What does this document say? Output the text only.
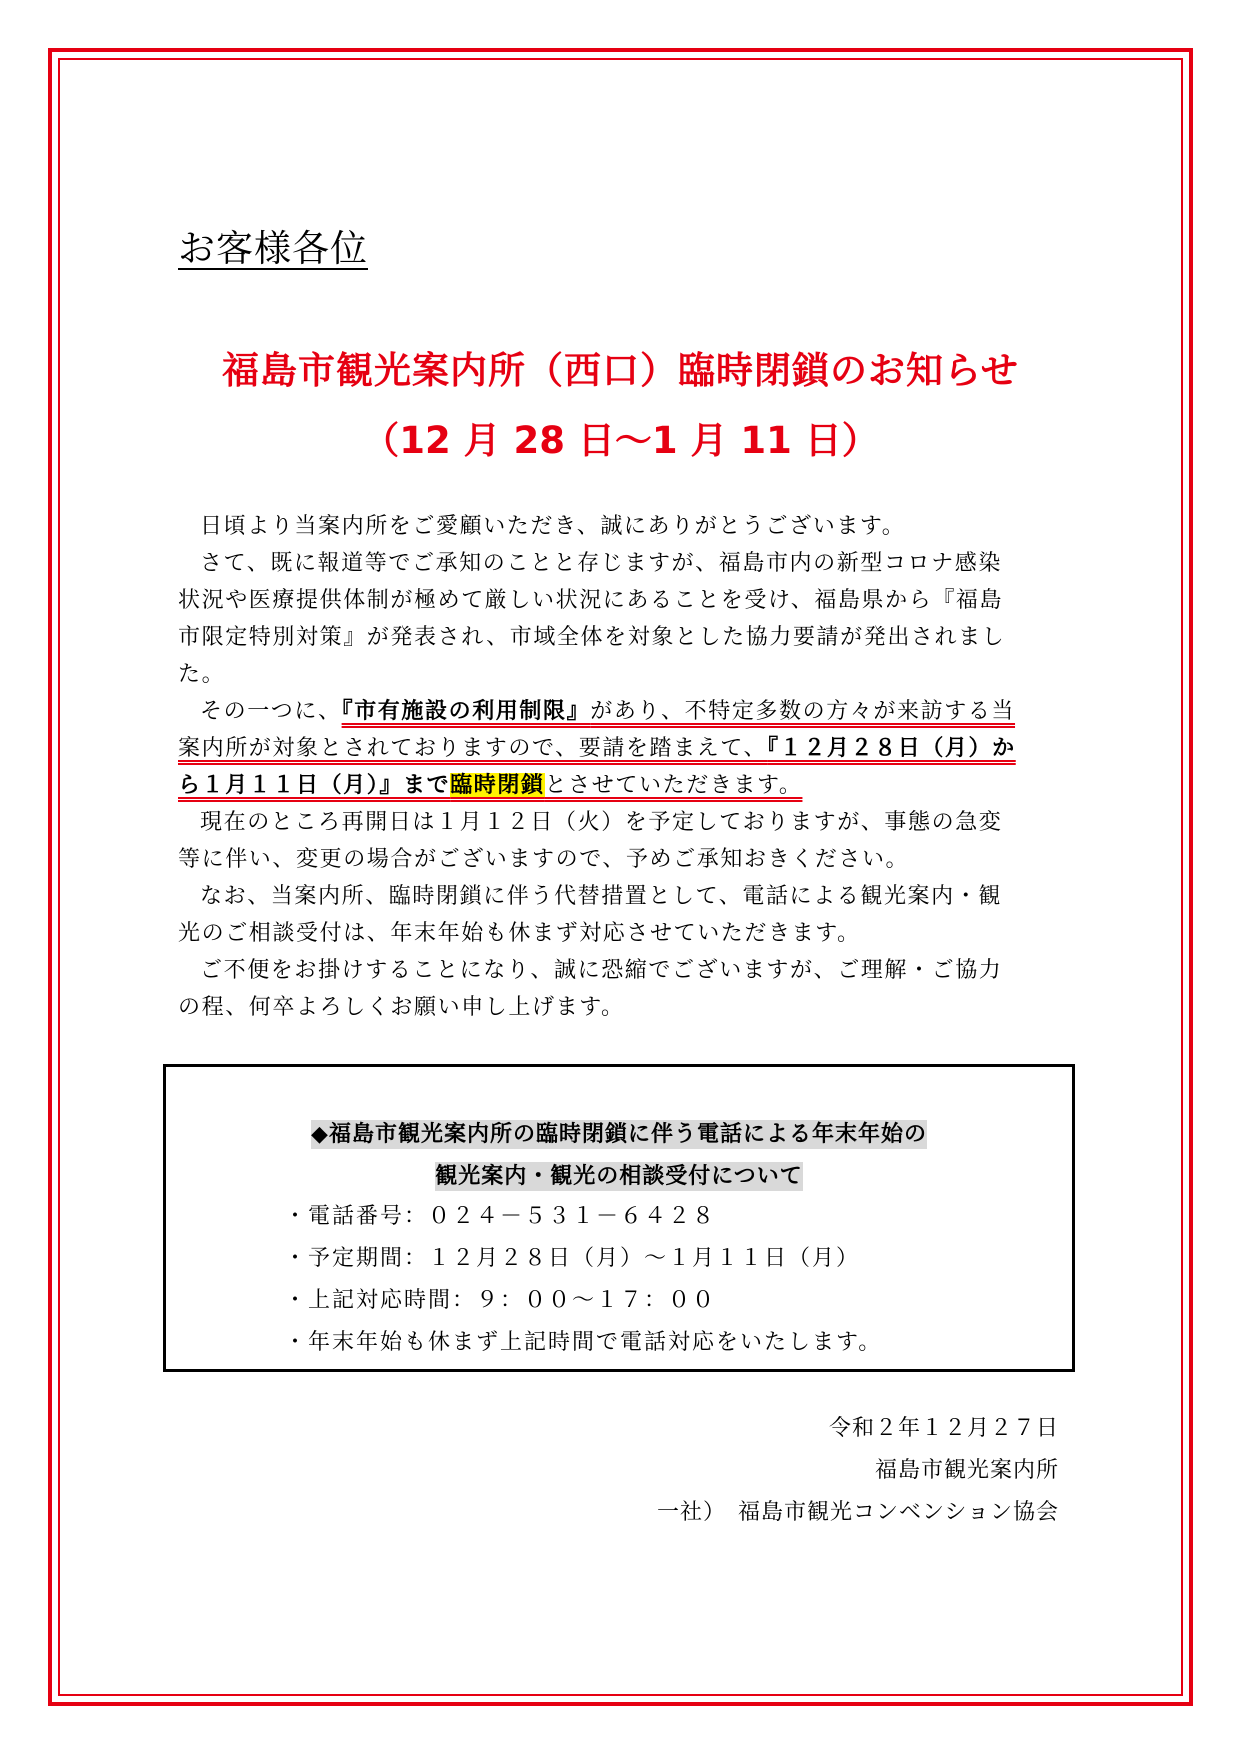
お客様各位
福島市観光案内所（西口）臨時閉鎖のお知らせ
（12 月 28 日～1 月 11 日）

日頃より当案内所をご愛顧いただき、誠にありがとうございます。

さて、既に報道等でご承知のことと存じますが、福島市内の新型コロナ感染
状況や医療提供体制が極めて厳しい状況にあることを受け、福島県から『福島
市限定特別対策』が発表され、市域全体を対象とした協力要請が発出されまし
た。

その一つに、『市有施設の利用制限』があり、不特定多数の方々が来訪する当
案内所が対象とされておりますので、要請を踏まえて、『１２月２８日（月）か
ら１月１１日（月）』まで臨時閉鎖とさせていただきます。

現在のところ再開日は１月１２日（火）を予定しておりますが、事態の急変
等に伴い、変更の場合がございますので、予めご承知おきください。

なお、当案内所、臨時閉鎖に伴う代替措置として、電話による観光案内・観
光のご相談受付は、年末年始も休まず対応させていただきます。

ご不便をお掛けすることになり、誠に恐縮でございますが、ご理解・ご協力
の程、何卒よろしくお願い申し上げます。

◆福島市観光案内所の臨時閉鎖に伴う電話による年末年始の
観光案内・観光の相談受付について
・電話番号：０２４－５３１－６４２８
・予定期間：１２月２８日（月）～１月１１日（月）
・上記対応時間：９：００～１７：００
・年末年始も休まず上記時間で電話対応をいたします。
令和２年１２月２７日
福島市観光案内所
一社）　福島市観光コンベンション協会
